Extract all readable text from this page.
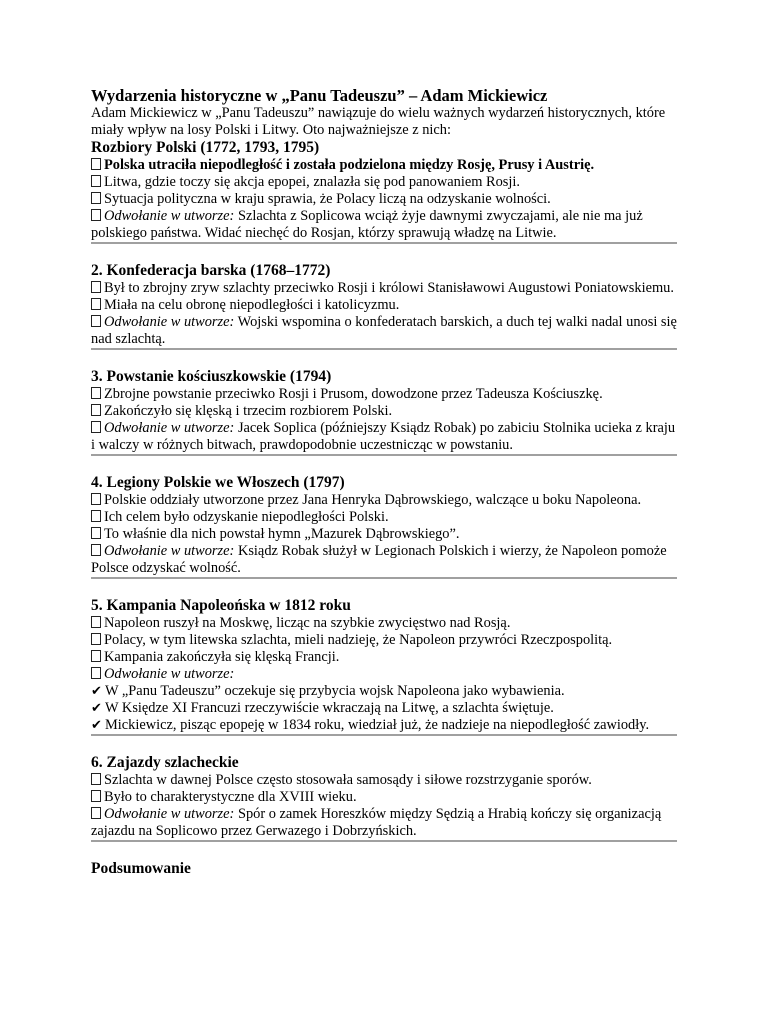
Wydarzenia historyczne w „Panu Tadeuszu” – Adam Mickiewicz

Adam Mickiewicz w „Panu Tadeuszu” nawiązuje do wielu ważnych wydarzeń historycznych, które miały wpływ na losy Polski i Litwy. Oto najważniejsze z nich:

Rozbiory Polski (1772, 1793, 1795)

Polska utraciła niepodległość i została podzielona między Rosję, Prusy i Austrię.

Litwa, gdzie toczy się akcja epopei, znalazła się pod panowaniem Rosji.

Sytuacja polityczna w kraju sprawia, że Polacy liczą na odzyskanie wolności.

Odwołanie w utworze: Szlachta z Soplicowa wciąż żyje dawnymi zwyczajami, ale nie ma już polskiego państwa. Widać niechęć do Rosjan, którzy sprawują władzę na Litwie.

2. Konfederacja barska (1768–1772)

Był to zbrojny zryw szlachty przeciwko Rosji i królowi Stanisławowi Augustowi Poniatowskiemu.

Miała na celu obronę niepodległości i katolicyzmu.

Odwołanie w utworze: Wojski wspomina o konfederatach barskich, a duch tej walki nadal unosi się nad szlachtą.

3. Powstanie kościuszkowskie (1794)

Zbrojne powstanie przeciwko Rosji i Prusom, dowodzone przez Tadeusza Kościuszkę.

Zakończyło się klęską i trzecim rozbiorem Polski.

Odwołanie w utworze: Jacek Soplica (późniejszy Ksiądz Robak) po zabiciu Stolnika ucieka z kraju i walczy w różnych bitwach, prawdopodobnie uczestnicząc w powstaniu.

4. Legiony Polskie we Włoszech (1797)

Polskie oddziały utworzone przez Jana Henryka Dąbrowskiego, walczące u boku Napoleona.

Ich celem było odzyskanie niepodległości Polski.

To właśnie dla nich powstał hymn „Mazurek Dąbrowskiego”.

Odwołanie w utworze: Ksiądz Robak służył w Legionach Polskich i wierzy, że Napoleon pomoże Polsce odzyskać wolność.

5. Kampania Napoleońska w 1812 roku

Napoleon ruszył na Moskwę, licząc na szybkie zwycięstwo nad Rosją.

Polacy, w tym litewska szlachta, mieli nadzieję, że Napoleon przywróci Rzeczpospolitą.

Kampania zakończyła się klęską Francji.

Odwołanie w utworze:

✔ W „Panu Tadeuszu” oczekuje się przybycia wojsk Napoleona jako wybawienia.

✔ W Księdze XI Francuzi rzeczywiście wkraczają na Litwę, a szlachta świętuje.

✔ Mickiewicz, pisząc epopeję w 1834 roku, wiedział już, że nadzieje na niepodległość zawiodły.

6. Zajazdy szlacheckie

Szlachta w dawnej Polsce często stosowała samosądy i siłowe rozstrzyganie sporów.

Było to charakterystyczne dla XVIII wieku.

Odwołanie w utworze: Spór o zamek Horeszków między Sędzią a Hrabią kończy się organizacją zajazdu na Soplicowo przez Gerwazego i Dobrzyńskich.

Podsumowanie
